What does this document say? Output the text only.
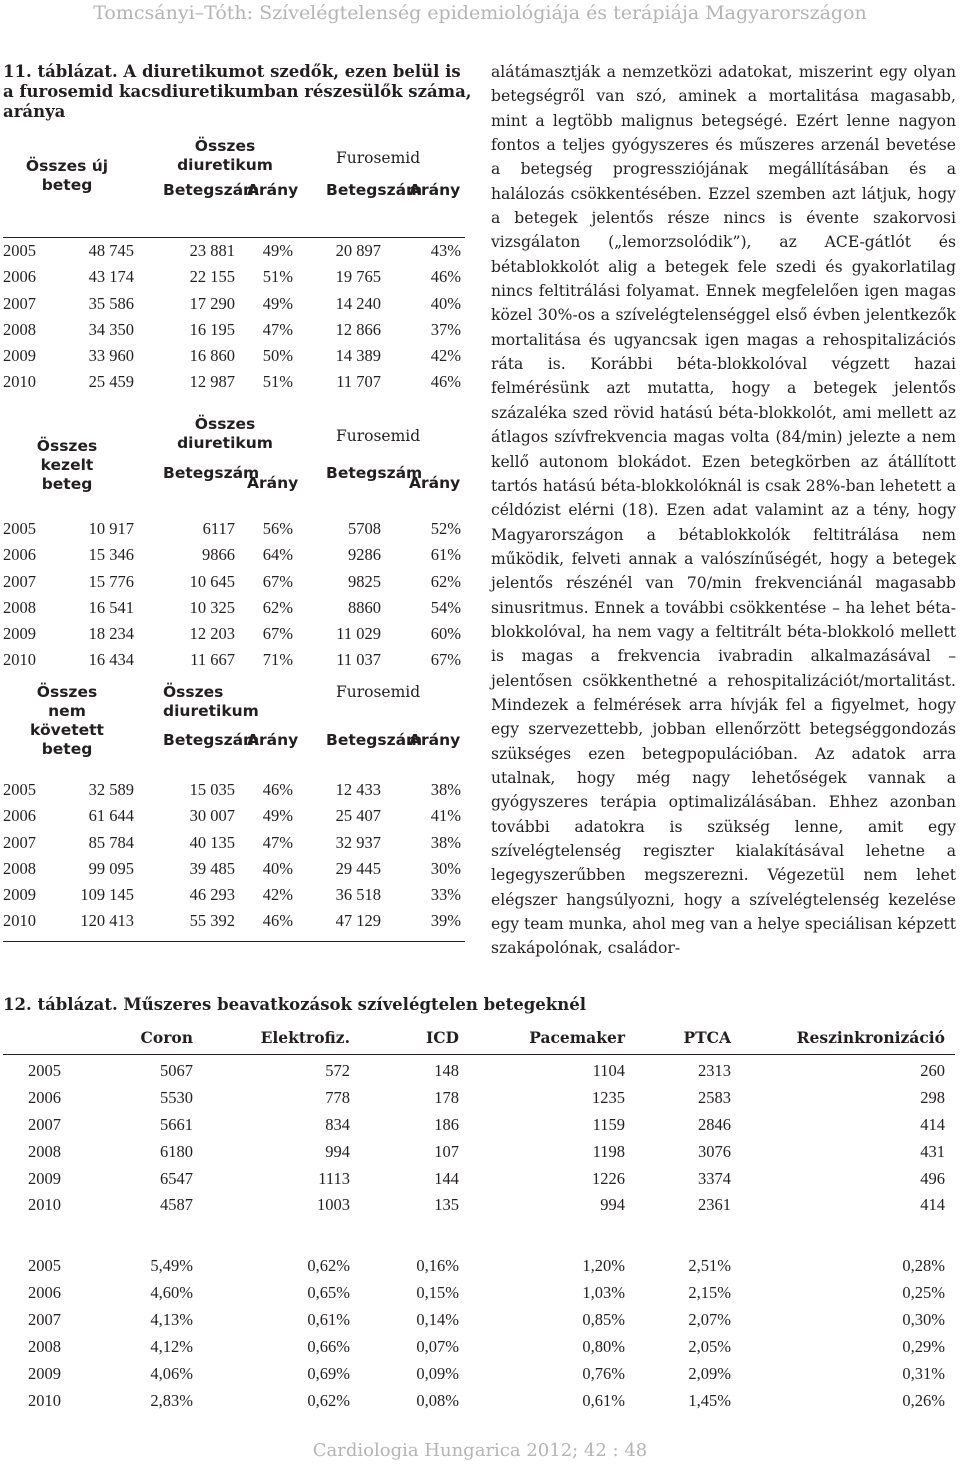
Tomcsányi–Tóth: Szívelégtelenség epidemiológiája és terápiája Magyarországon
11. táblázat. A diuretikumot szedők, ezen belül is a furosemid kacsdiuretikumban részesülők száma, aránya
Összes új beteg
Összes diuretikum	Furosemid
Betegszám
Arány Betegszám
Arány
2005	48 745	23 881 49%	20 897	43%
2006	43 174	22 155 51%	19 765	46%
2007	35 586	17 290 49%	14 240	40%
2008	34 350	16 195 47%	12 866	37%
2009	33 960	16 860 50%	14 389	42%
2010	25 459	12 987 51%	11 707	46%
Összes kezelt beteg
Összes diuretikum	Furosemid
Betegszám
Arány
Betegszám
Arány
2005	10 917	6117 56%	5708	52%
2006	15 346	9866 64%	9286	61%
2007	15 776	10 645 67%	9825	62%
2008	16 541	10 325 62%	8860	54%
2009	18 234	12 203 67%	11 029	60%
2010	16 434	11 667 71%	11 037	67%
Összes nem követett beteg
Összes diuretikum
Furosemid
Betegszám
Arány Betegszám
Arány
2005	32 589	15 035 46%	12 433	38%
2006	61 644	30 007 49%	25 407	41%
2007	85 784	40 135 47%	32 937	38%
2008	99 095	39 485 40%	29 445	30%
2009	109 145	46 293 42%	36 518	33%
2010	120 413	55 392 46%	47 129	39%

alátámasztják a nemzetközi adatokat, miszerint egy olyan betegségről van szó, aminek a mortalitása magasabb, mint a legtöbb malignus betegségé. Ezért lenne nagyon fontos a teljes gyógyszeres és műszeres arzenál bevetése a betegség progressziójának megállításában és a halálozás csökkentésében. Ezzel szemben azt látjuk, hogy a betegek jelentős része nincs is évente szakorvosi vizsgálaton („lemorzsolódik”), az ACE-gátlót és bétablokkolót alig a betegek fele szedi és gyakorlatilag nincs feltitrálási folyamat. Ennek megfelelően igen magas közel 30%-os a szívelégtelenséggel első évben jelentkezők mortalitása és ugyancsak igen magas a rehospitalizációs ráta is. Korábbi béta-blokkolóval végzett hazai felmérésünk azt mutatta, hogy a betegek jelentős százaléka szed rövid hatású béta-blokkolót, ami mellett az átlagos szívfrekvencia magas volta (84/min) jelezte a nem kellő autonom blokádot. Ezen betegkörben az átállított tartós hatású béta-blokkolóknál is csak 28%-ban lehetett a céldózist elérni (18). Ezen adat valamint az a tény, hogy Magyarországon a bétablokkolók feltitrálása nem működik, felveti annak a valószínűségét, hogy a betegek jelentős részénél van 70/min frekvenciánál magasabb sinusritmus. Ennek a további csökkentése – ha lehet béta-blokkolóval, ha nem vagy a feltitrált béta-blokkoló mellett is magas a frekvencia ivabradin alkalmazásával – jelentősen csökkenthetné a rehospitalizációt/mortalitást. Mindezek a felmérések arra hívják fel a figyelmet, hogy egy szervezettebb, jobban ellenőrzött betegséggondozás szükséges ezen betegpopulációban. Az adatok arra utalnak, hogy még nagy lehetőségek vannak a gyógyszeres terápia optimalizálásában. Ehhez azonban további adatokra is szükség lenne, amit egy szívelégtelenség regiszter kialakításával lehetne a legegyszerűbben megszerezni. Végezetül nem lehet elégszer hangsúlyozni, hogy a szívelégtelenség kezelése egy team munka, ahol meg van a helye speciálisan képzett szakápolónak, családor-

12. táblázat. Műszeres beavatkozások szívelégtelen betegeknél
Coron	Elektrofiz.	ICD	Pacemaker	PTCA	Reszinkronizáció
2005	5067	572	148	1104	2313	260
2006	5530	778	178	1235	2583	298
2007	5661	834	186	1159	2846	414
2008	6180	994	107	1198	3076	431
2009	6547	1113	144	1226	3374	496
2010	4587	1003	135	994	2361	414
2005	5,49%	0,62%	0,16%	1,20%	2,51%	0,28%
2006	4,60%	0,65%	0,15%	1,03%	2,15%	0,25%
2007	4,13%	0,61%	0,14%	0,85%	2,07%	0,30%
2008	4,12%	0,66%	0,07%	0,80%	2,05%	0,29%
2009	4,06%	0,69%	0,09%	0,76%	2,09%	0,31%
2010	2,83%	0,62%	0,08%	0,61%	1,45%	0,26%
Cardiologia Hungarica 2012; 42 : 48
